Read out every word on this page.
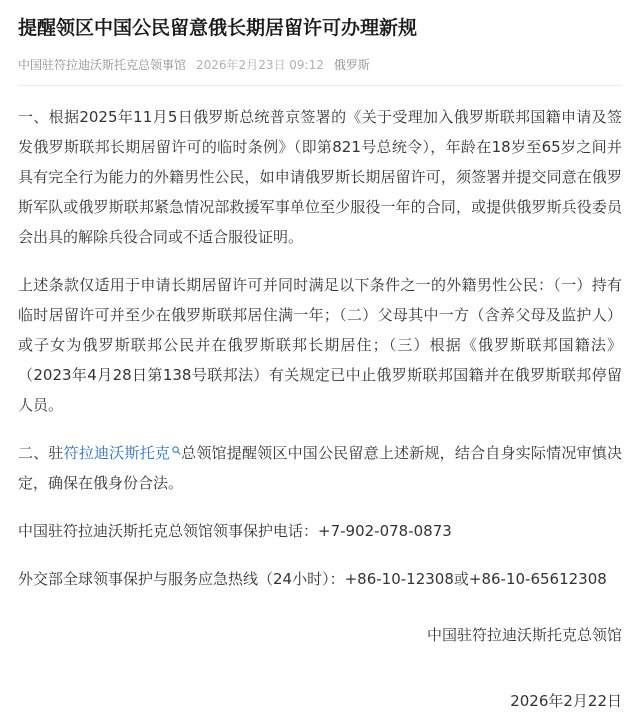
提醒领区中国公民留意俄长期居留许可办理新规
中国驻符拉迪沃斯托克总领事馆 2026年2月23日 09:12 俄罗斯

一、根据2025年11月5日俄罗斯总统普京签署的《关于受理加入俄罗斯联邦国籍申请及签发俄罗斯联邦长期居留许可的临时条例》（即第821号总统令），年龄在18岁至65岁之间并具有完全行为能力的外籍男性公民，如申请俄罗斯长期居留许可，须签署并提交同意在俄罗斯军队或俄罗斯联邦紧急情况部救援军事单位至少服役一年的合同，或提供俄罗斯兵役委员会出具的解除兵役合同或不适合服役证明。

上述条款仅适用于申请长期居留许可并同时满足以下条件之一的外籍男性公民：（一）持有临时居留许可并至少在俄罗斯联邦居住满一年；（二）父母其中一方（含养父母及监护人）或子女为俄罗斯联邦公民并在俄罗斯联邦长期居住；（三）根据《俄罗斯联邦国籍法》（2023年4月28日第138号联邦法）有关规定已中止俄罗斯联邦国籍并在俄罗斯联邦停留人员。

二、驻符拉迪沃斯托克 总领馆提醒领区中国公民留意上述新规，结合自身实际情况审慎决定，确保在俄身份合法。

中国驻符拉迪沃斯托克总领馆领事保护电话：+7-902-078-0873

外交部全球领事保护与服务应急热线（24小时）：+86-10-12308或+86-10-65612308

中国驻符拉迪沃斯托克总领馆
2026年2月22日
